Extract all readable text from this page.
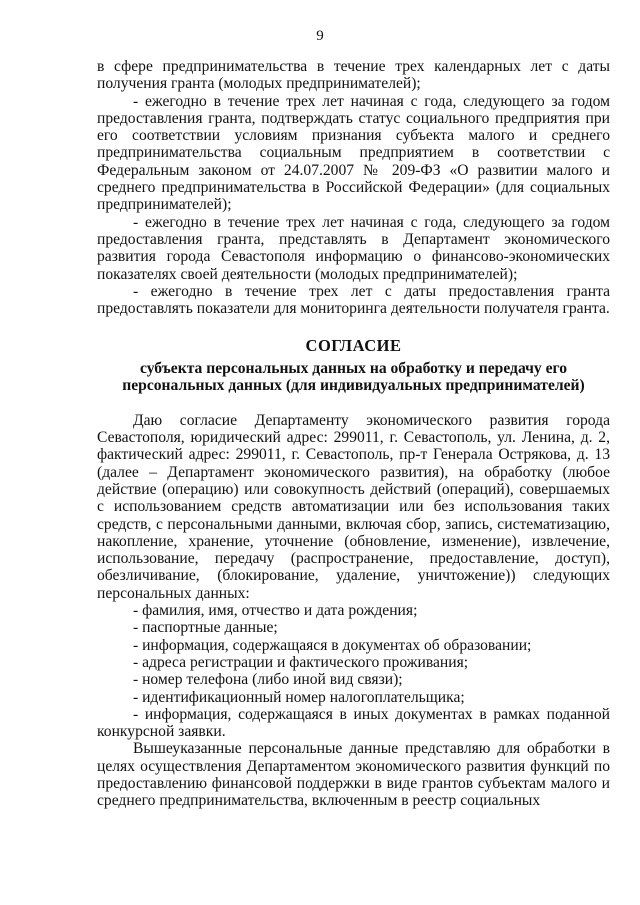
9

в сфере предпринимательства в течение трех календарных лет с даты получения гранта (молодых предпринимателей);

- ежегодно в течение трех лет начиная с года, следующего за годом предоставления гранта, подтверждать статус социального предприятия при его соответствии условиям признания субъекта малого и среднего предпринимательства социальным предприятием в соответствии с Федеральным законом от 24.07.2007 № 209-ФЗ «О развитии малого и среднего предпринимательства в Российской Федерации» (для социальных предпринимателей);

- ежегодно в течение трех лет начиная с года, следующего за годом предоставления гранта, представлять в Департамент экономического развития города Севастополя информацию о финансово-экономических показателях своей деятельности (молодых предпринимателей);

- ежегодно в течение трех лет с даты предоставления гранта предоставлять показатели для мониторинга деятельности получателя гранта.

СОГЛАСИЕ
субъекта персональных данных на обработку и передачу его персональных данных (для индивидуальных предпринимателей)

Даю согласие Департаменту экономического развития города Севастополя, юридический адрес: 299011, г. Севастополь, ул. Ленина, д. 2, фактический адрес: 299011, г. Севастополь, пр-т Генерала Острякова, д. 13 (далее – Департамент экономического развития), на обработку (любое действие (операцию) или совокупность действий (операций), совершаемых с использованием средств автоматизации или без использования таких средств, с персональными данными, включая сбор, запись, систематизацию, накопление, хранение, уточнение (обновление, изменение), извлечение, использование, передачу (распространение, предоставление, доступ), обезличивание, (блокирование, удаление, уничтожение)) следующих персональных данных:

- фамилия, имя, отчество и дата рождения;

- паспортные данные;

- информация, содержащаяся в документах об образовании;

- адреса регистрации и фактического проживания;

- номер телефона (либо иной вид связи);

- идентификационный номер налогоплательщика;

- информация, содержащаяся в иных документах в рамках поданной конкурсной заявки.

Вышеуказанные персональные данные представляю для обработки в целях осуществления Департаментом экономического развития функций по предоставлению финансовой поддержки в виде грантов субъектам малого и среднего предпринимательства, включенным в реестр социальных
